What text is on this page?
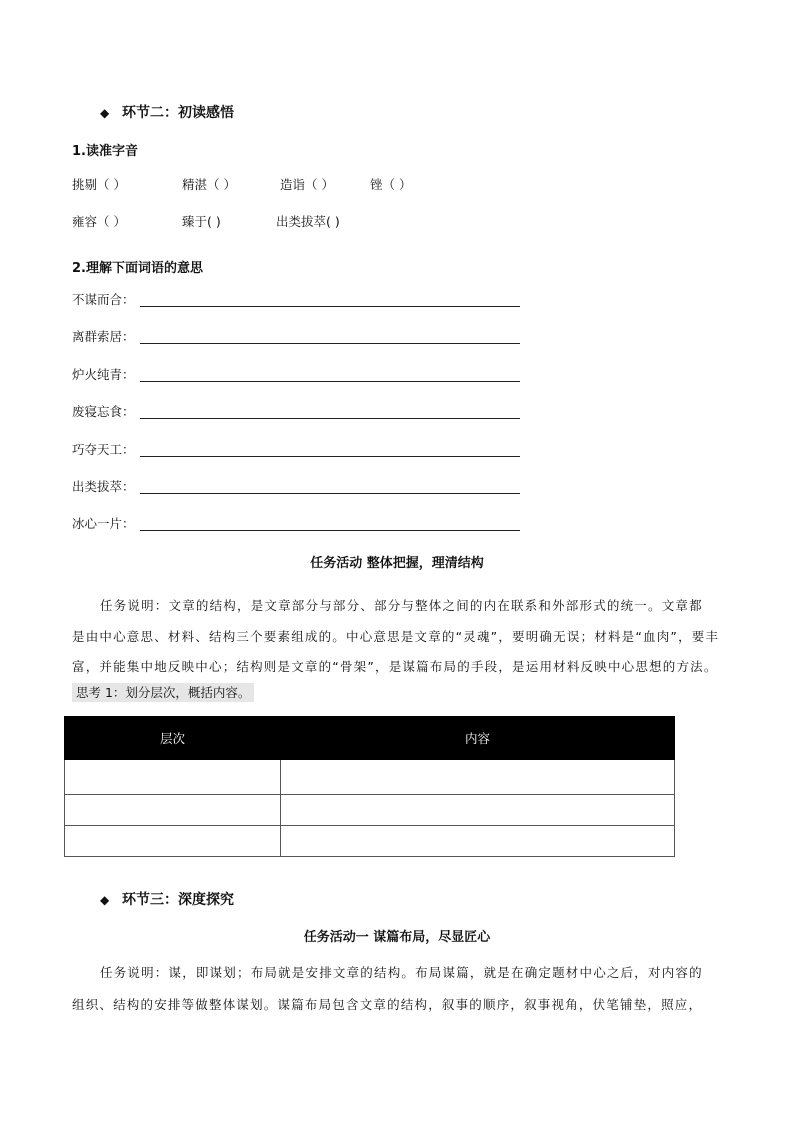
◆ 环节二：初读感悟
1.读准字音
挑剔（ ）	精湛（ ）	造诣（ ）	锉（ ）
雍容（ ）	臻于( )	出类拔萃( )
2.理解下面词语的意思
不谋而合：
离群索居：
炉火纯青：
废寝忘食：
巧夺天工：
出类拔萃：
冰心一片：
任务活动 整体把握，理清结构
任务说明：文章的结构，是文章部分与部分、部分与整体之间的内在联系和外部形式的统一。文章都
是由中心意思、材料、结构三个要素组成的。中心意思是文章的“灵魂”，要明确无误；材料是“血肉”，要丰
富，并能集中地反映中心；结构则是文章的“骨架”，是谋篇布局的手段，是运用材料反映中心思想的方法。
思考 1：划分层次，概括内容。
层次	内容

◆ 环节三：深度探究
任务活动一 谋篇布局，尽显匠心
任务说明：谋，即谋划；布局就是安排文章的结构。布局谋篇，就是在确定题材中心之后，对内容的
组织、结构的安排等做整体谋划。谋篇布局包含文章的结构，叙事的顺序，叙事视角，伏笔铺垫，照应，
